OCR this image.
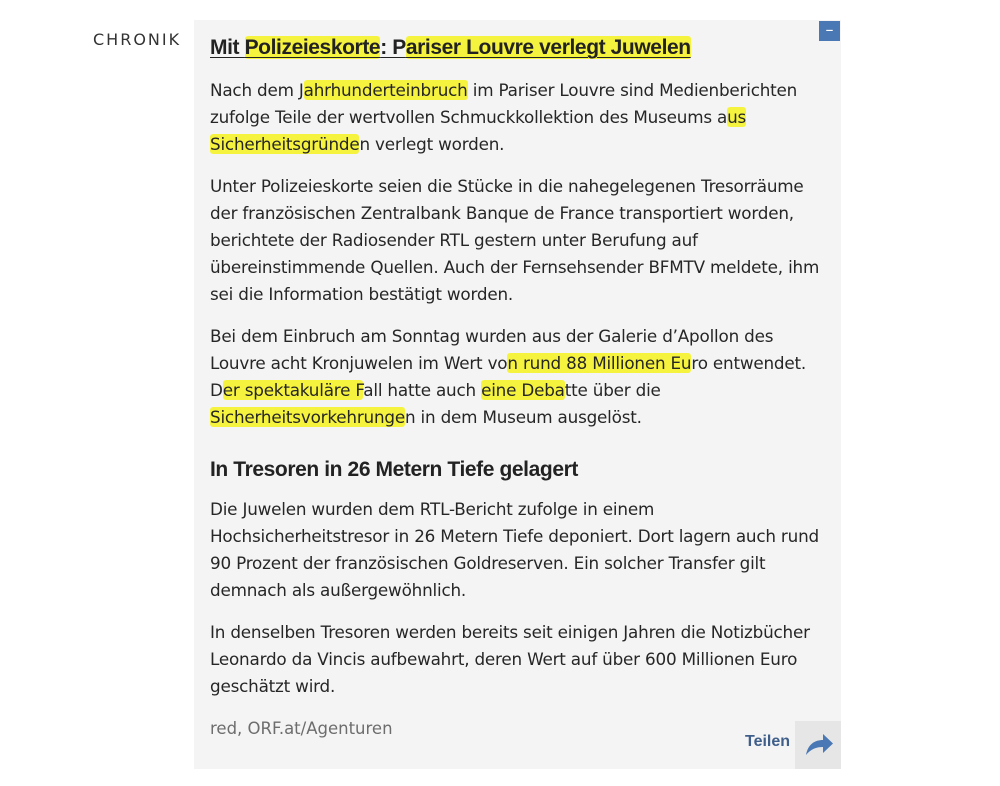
CHRONIK
–
Mit Polizeieskorte: Pariser Louvre verlegt Juwelen

Nach dem Jahrhunderteinbruch im Pariser Louvre sind Medienberichten zufolge Teile der wertvollen Schmuckkollektion des Museums aus Sicherheitsgründen verlegt worden.

Unter Polizeieskorte seien die Stücke in die nahegelegenen Tresorräume der französischen Zentralbank Banque de France transportiert worden, berichtete der Radiosender RTL gestern unter Berufung auf übereinstimmende Quellen. Auch der Fernsehsender BFMTV meldete, ihm sei die Information bestätigt worden.

Bei dem Einbruch am Sonntag wurden aus der Galerie d’Apollon des Louvre acht Kronjuwelen im Wert von rund 88 Millionen Euro entwendet. Der spektakuläre Fall hatte auch eine Debatte über die Sicherheitsvorkehrungen in dem Museum ausgelöst.

In Tresoren in 26 Metern Tiefe gelagert

Die Juwelen wurden dem RTL-Bericht zufolge in einem Hochsicherheitstresor in 26 Metern Tiefe deponiert. Dort lagern auch rund 90 Prozent der französischen Goldreserven. Ein solcher Transfer gilt demnach als außergewöhnlich.

In denselben Tresoren werden bereits seit einigen Jahren die Notizbücher Leonardo da Vincis aufbewahrt, deren Wert auf über 600 Millionen Euro geschätzt wird.

red, ORF.at/Agenturen
Teilen
